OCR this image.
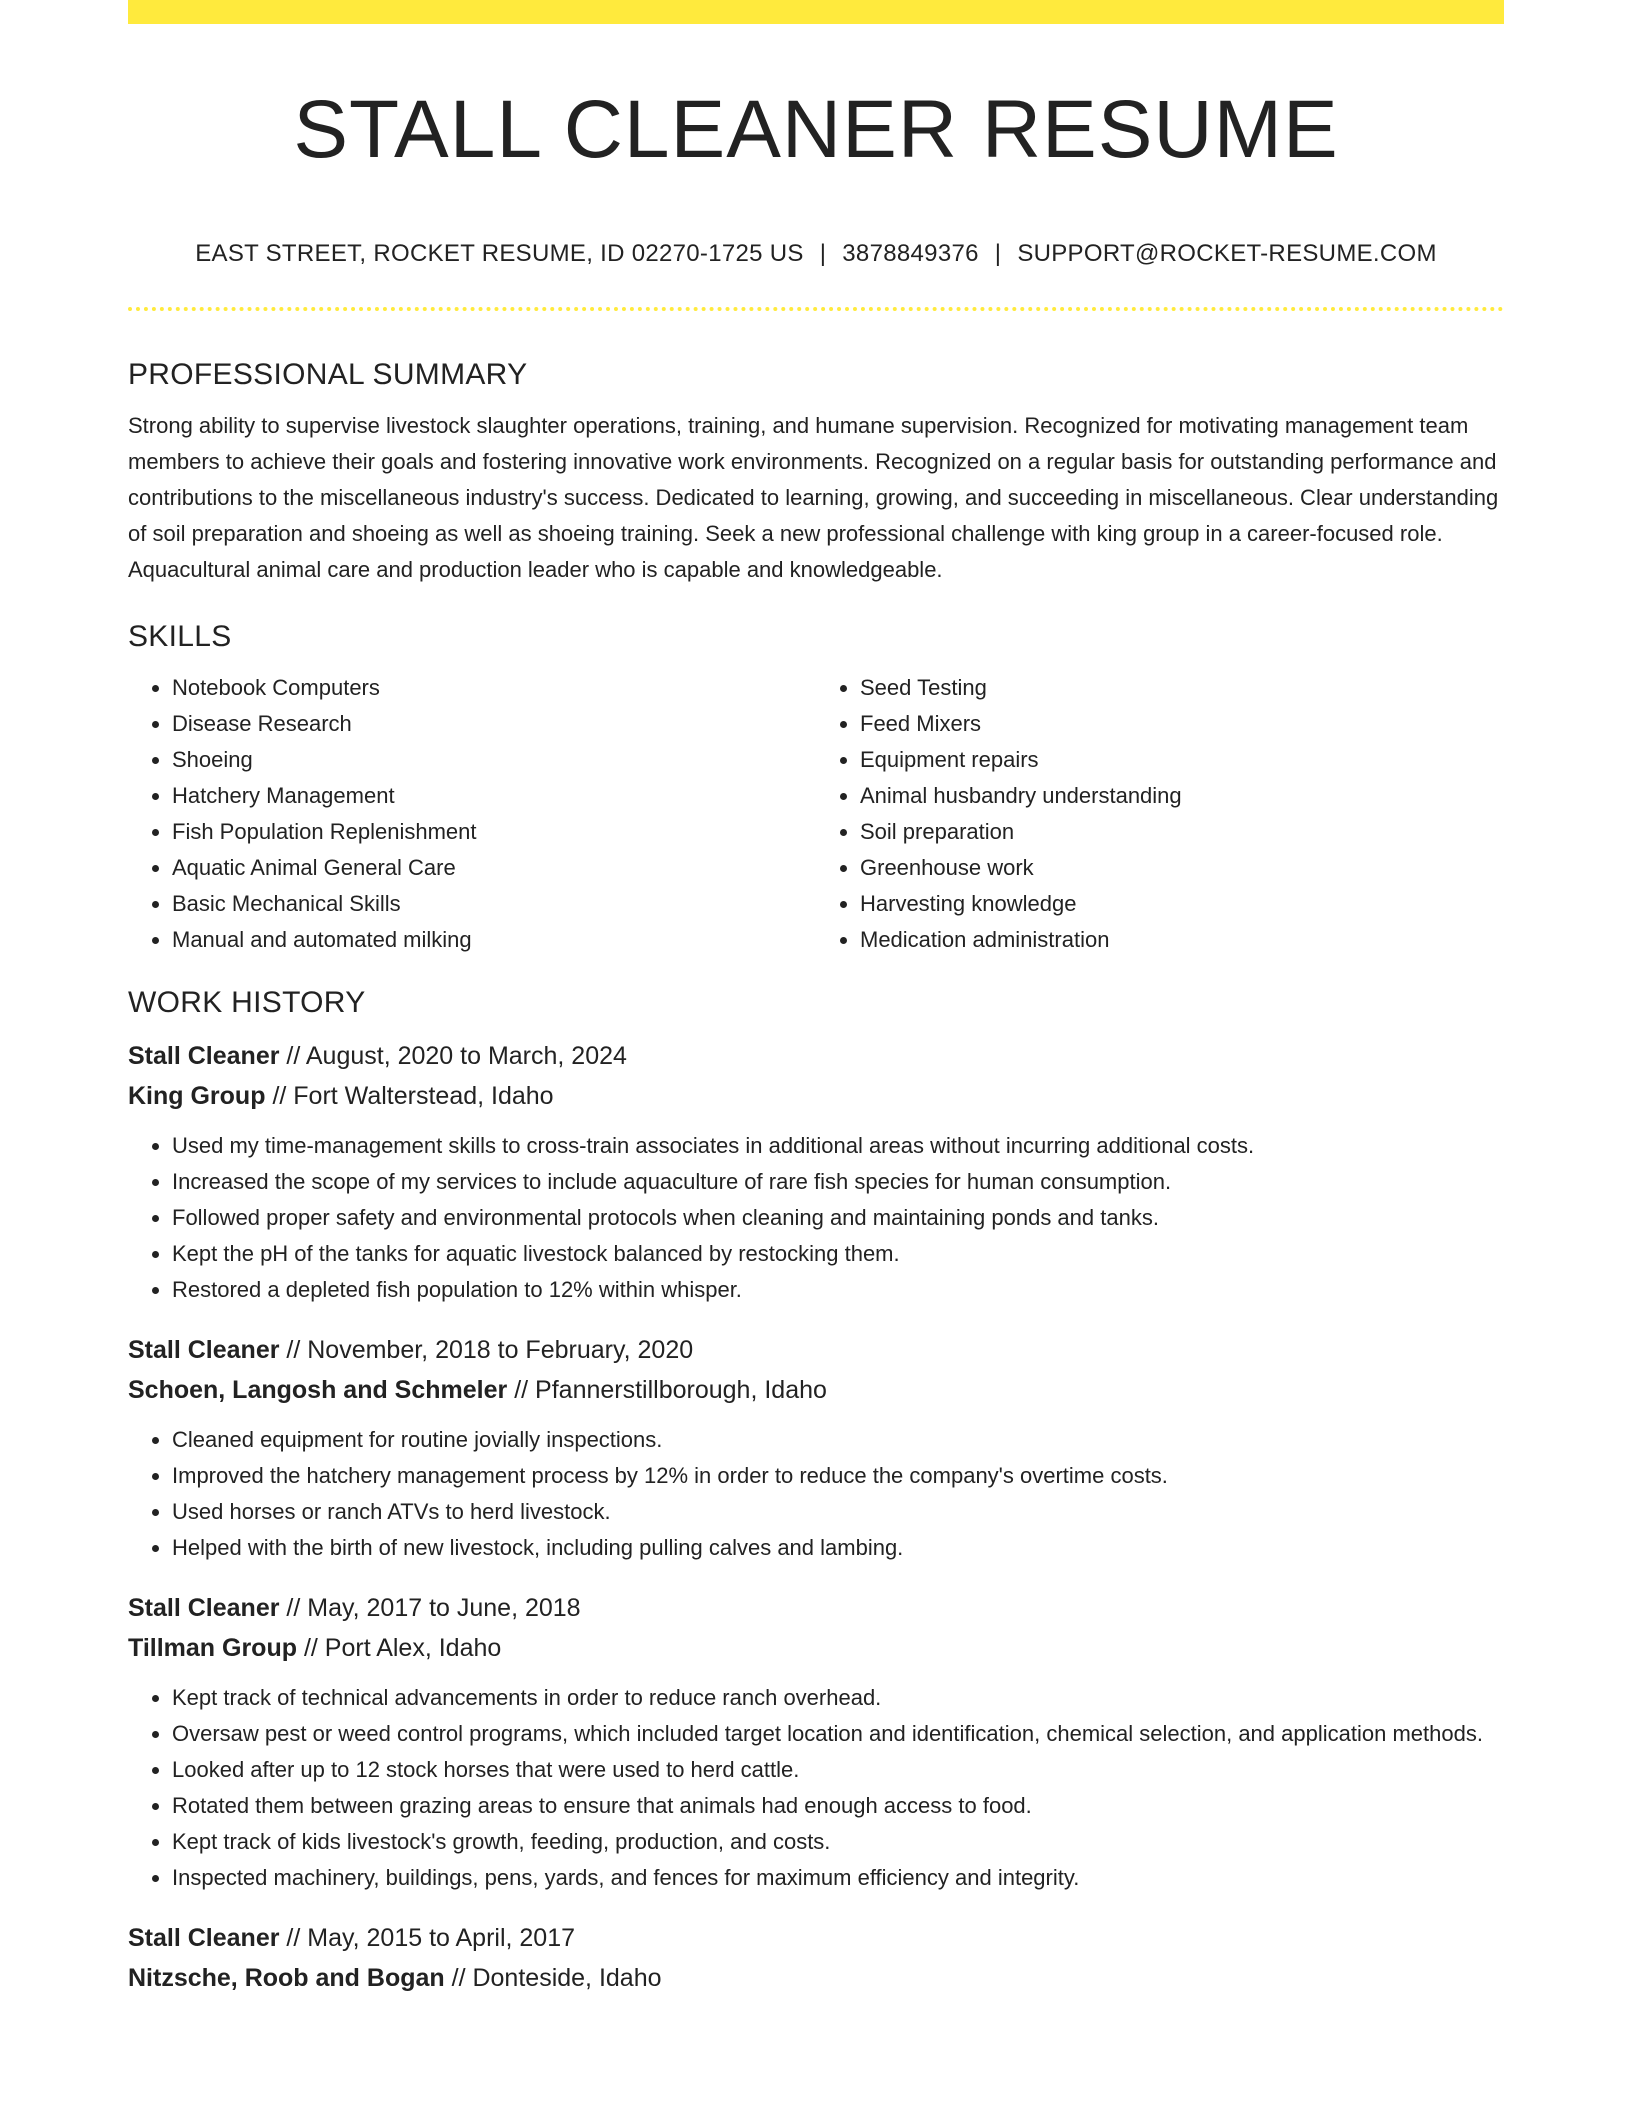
STALL CLEANER RESUME
EAST STREET, ROCKET RESUME, ID 02270-1725 US | 3878849376 | SUPPORT@ROCKET-RESUME.COM
PROFESSIONAL SUMMARY

Strong ability to supervise livestock slaughter operations, training, and humane supervision. Recognized for motivating management team members to achieve their goals and fostering innovative work environments. Recognized on a regular basis for outstanding performance and contributions to the miscellaneous industry's success. Dedicated to learning, growing, and succeeding in miscellaneous. Clear understanding of soil preparation and shoeing as well as shoeing training. Seek a new professional challenge with king group in a career-focused role. Aquacultural animal care and production leader who is capable and knowledgeable.

SKILLS
• Notebook Computers
• Disease Research
• Shoeing
• Hatchery Management
• Fish Population Replenishment
• Aquatic Animal General Care
• Basic Mechanical Skills
• Manual and automated milking
• Seed Testing
• Feed Mixers
• Equipment repairs
• Animal husbandry understanding
• Soil preparation
• Greenhouse work
• Harvesting knowledge
• Medication administration
WORK HISTORY
Stall Cleaner // August, 2020 to March, 2024
King Group // Fort Walterstead, Idaho
• Used my time-management skills to cross-train associates in additional areas without incurring additional costs.
• Increased the scope of my services to include aquaculture of rare fish species for human consumption.
• Followed proper safety and environmental protocols when cleaning and maintaining ponds and tanks.
• Kept the pH of the tanks for aquatic livestock balanced by restocking them.
• Restored a depleted fish population to 12% within whisper.
Stall Cleaner // November, 2018 to February, 2020
Schoen, Langosh and Schmeler // Pfannerstillborough, Idaho
• Cleaned equipment for routine jovially inspections.
• Improved the hatchery management process by 12% in order to reduce the company's overtime costs.
• Used horses or ranch ATVs to herd livestock.
• Helped with the birth of new livestock, including pulling calves and lambing.
Stall Cleaner // May, 2017 to June, 2018
Tillman Group // Port Alex, Idaho
• Kept track of technical advancements in order to reduce ranch overhead.
• Oversaw pest or weed control programs, which included target location and identification, chemical selection, and application methods.
• Looked after up to 12 stock horses that were used to herd cattle.
• Rotated them between grazing areas to ensure that animals had enough access to food.
• Kept track of kids livestock's growth, feeding, production, and costs.
• Inspected machinery, buildings, pens, yards, and fences for maximum efficiency and integrity.
Stall Cleaner // May, 2015 to April, 2017
Nitzsche, Roob and Bogan // Donteside, Idaho
